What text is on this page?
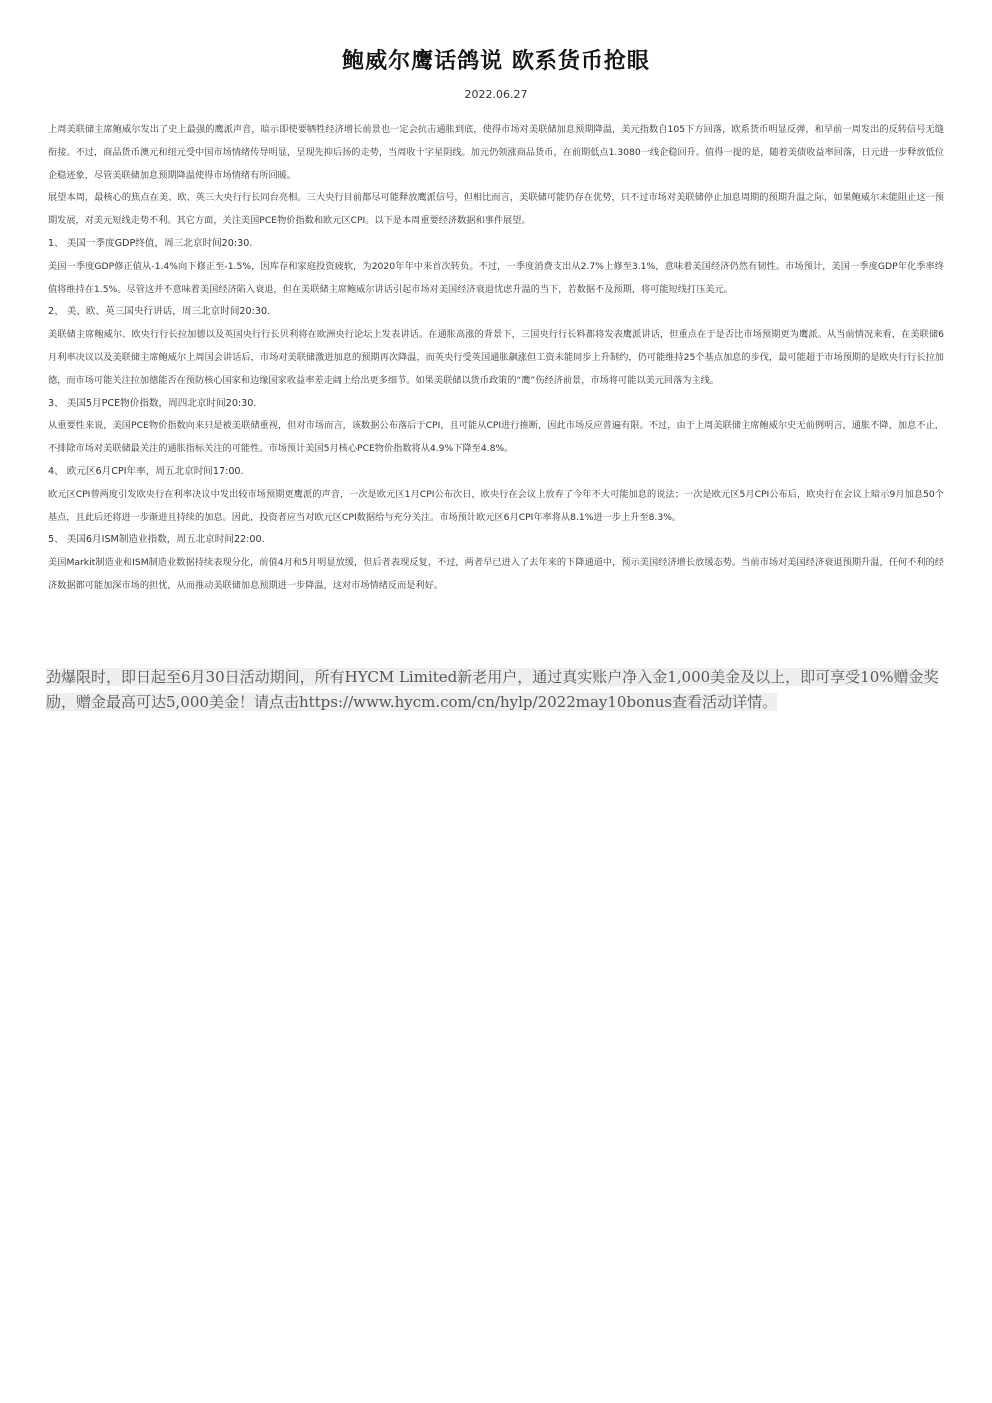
鲍威尔鹰话鸽说 欧系货币抢眼
2022.06.27

上周美联储主席鲍威尔发出了史上最强的鹰派声音，暗示即使要牺牲经济增长前景也一定会抗击通胀到底，使得市场对美联储加息预期降温，美元指数自105下方回落，欧系货币明显反弹，和早前一周发出的反转信号无缝衔接。不过，商品货币澳元和纽元受中国市场情绪传导明显，呈现先抑后扬的走势，当周收十字星阴线。加元仍领涨商品货币，在前期低点1.3080一线企稳回升。值得一提的是，随着美债收益率回落，日元进一步释放低位企稳迹象，尽管美联储加息预期降温使得市场情绪有所回暖。

展望本周，最核心的焦点在美、欧、英三大央行行长同台亮相。三大央行目前都尽可能释放鹰派信号，但相比而言，美联储可能仍存在优势，只不过市场对美联储停止加息周期的预期升温之际，如果鲍威尔未能阻止这一预期发展，对美元短线走势不利。其它方面，关注美国PCE物价指数和欧元区CPI。以下是本周重要经济数据和事件展望。

1、 美国一季度GDP终值，周三北京时间20:30.

美国一季度GDP修正值从-1.4%向下修正至-1.5%，因库存和家庭投资疲软，为2020年年中来首次转负。不过，一季度消费支出从2.7%上修至3.1%，意味着美国经济仍然有韧性。市场预计，美国一季度GDP年化季率终值将维持在1.5%。尽管这并不意味着美国经济陷入衰退，但在美联储主席鲍威尔讲话引起市场对美国经济衰退忧虑升温的当下，若数据不及预期，将可能短线打压美元。

2、 美、欧、英三国央行讲话，周三北京时间20:30.

美联储主席鲍威尔、欧央行行长拉加德以及英国央行行长贝利将在欧洲央行论坛上发表讲话。在通胀高涨的背景下，三国央行行长料都将发表鹰派讲话，但重点在于是否比市场预期更为鹰派。从当前情况来看，在美联储6月利率决议以及美联储主席鲍威尔上周国会讲话后，市场对美联储激进加息的预期再次降温，而英央行受英国通胀飙涨但工资未能同步上升制约，仍可能维持25个基点加息的步伐，最可能超于市场预期的是欧央行行长拉加德，而市场可能关注拉加德能否在预防核心国家和边缘国家收益率差走阔上给出更多细节。如果美联储以货币政策的“鹰”伤经济前景，市场将可能以美元回落为主线。

3、 美国5月PCE物价指数，周四北京时间20:30.

从重要性来说，美国PCE物价指数向来只是被美联储重视，但对市场而言，该数据公布落后于CPI，且可能从CPI进行推断，因此市场反应普遍有限。不过，由于上周美联储主席鲍威尔史无前例明言，通胀不降，加息不止，不排除市场对美联储最关注的通胀指标关注的可能性。市场预计美国5月核心PCE物价指数将从4.9%下降至4.8%。

4、 欧元区6月CPI年率，周五北京时间17:00.

欧元区CPI曾两度引发欧央行在利率决议中发出较市场预期更鹰派的声音，一次是欧元区1月CPI公布次日，欧央行在会议上放弃了今年不大可能加息的说法；一次是欧元区5月CPI公布后，欧央行在会议上暗示9月加息50个基点，且此后还将进一步渐进且持续的加息。因此，投资者应当对欧元区CPI数据给与充分关注。市场预计欧元区6月CPI年率将从8.1%进一步上升至8.3%。

5、 美国6月ISM制造业指数，周五北京时间22:00.

美国Markit制造业和ISM制造业数据持续表现分化，前值4月和5月明显放缓，但后者表现反复，不过，两者早已进入了去年来的下降通道中，预示美国经济增长放缓态势。当前市场对美国经济衰退预期升温，任何不利的经济数据都可能加深市场的担忧，从而推动美联储加息预期进一步降温，这对市场情绪反而是利好。

劲爆限时，即日起至6月30日活动期间，所有HYCM Limited新老用户，通过真实账户净入金1,000美金及以上，即可享受10%赠金奖励，赠金最高可达5,000美金！请点击https://www.hycm.com/cn/hylp/2022may10bonus查看活动详情。
